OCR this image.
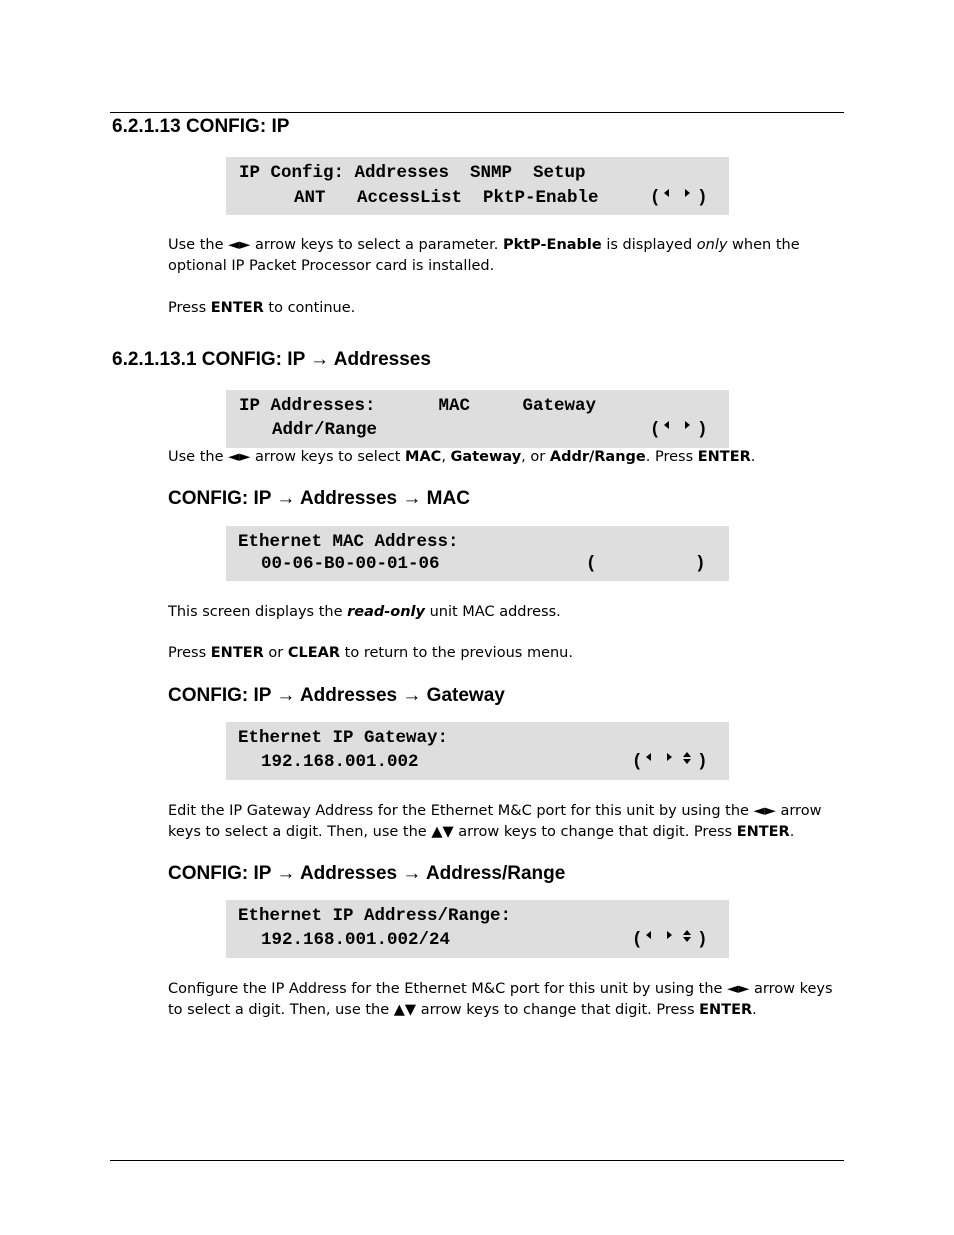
6.2.1.13 CONFIG: IP
IP Config: Addresses  SNMP  Setup
ANT   AccessList  PktP-Enable	( )

Use the ◄► arrow keys to select a parameter. PktP-Enable is displayed only when the optional IP Packet Processor card is installed.

Press ENTER to continue.

6.2.1.13.1 CONFIG: IP → Addresses
IP Addresses:      MAC     Gateway
Addr/Range	( )

Use the ◄► arrow keys to select MAC, Gateway, or Addr/Range. Press ENTER.

CONFIG: IP → Addresses → MAC
Ethernet MAC Address:
00-06-B0-00-01-06	(	)

This screen displays the read-only unit MAC address.

Press ENTER or CLEAR to return to the previous menu.

CONFIG: IP → Addresses → Gateway
Ethernet IP Gateway:
192.168.001.002	(	)

Edit the IP Gateway Address for the Ethernet M&C port for this unit by using the ◄► arrow keys to select a digit. Then, use the ▲▼ arrow keys to change that digit. Press ENTER.

CONFIG: IP → Addresses → Address/Range
Ethernet IP Address/Range:
192.168.001.002/24	(	)

Configure the IP Address for the Ethernet M&C port for this unit by using the ◄► arrow keys to select a digit. Then, use the ▲▼ arrow keys to change that digit. Press ENTER.
